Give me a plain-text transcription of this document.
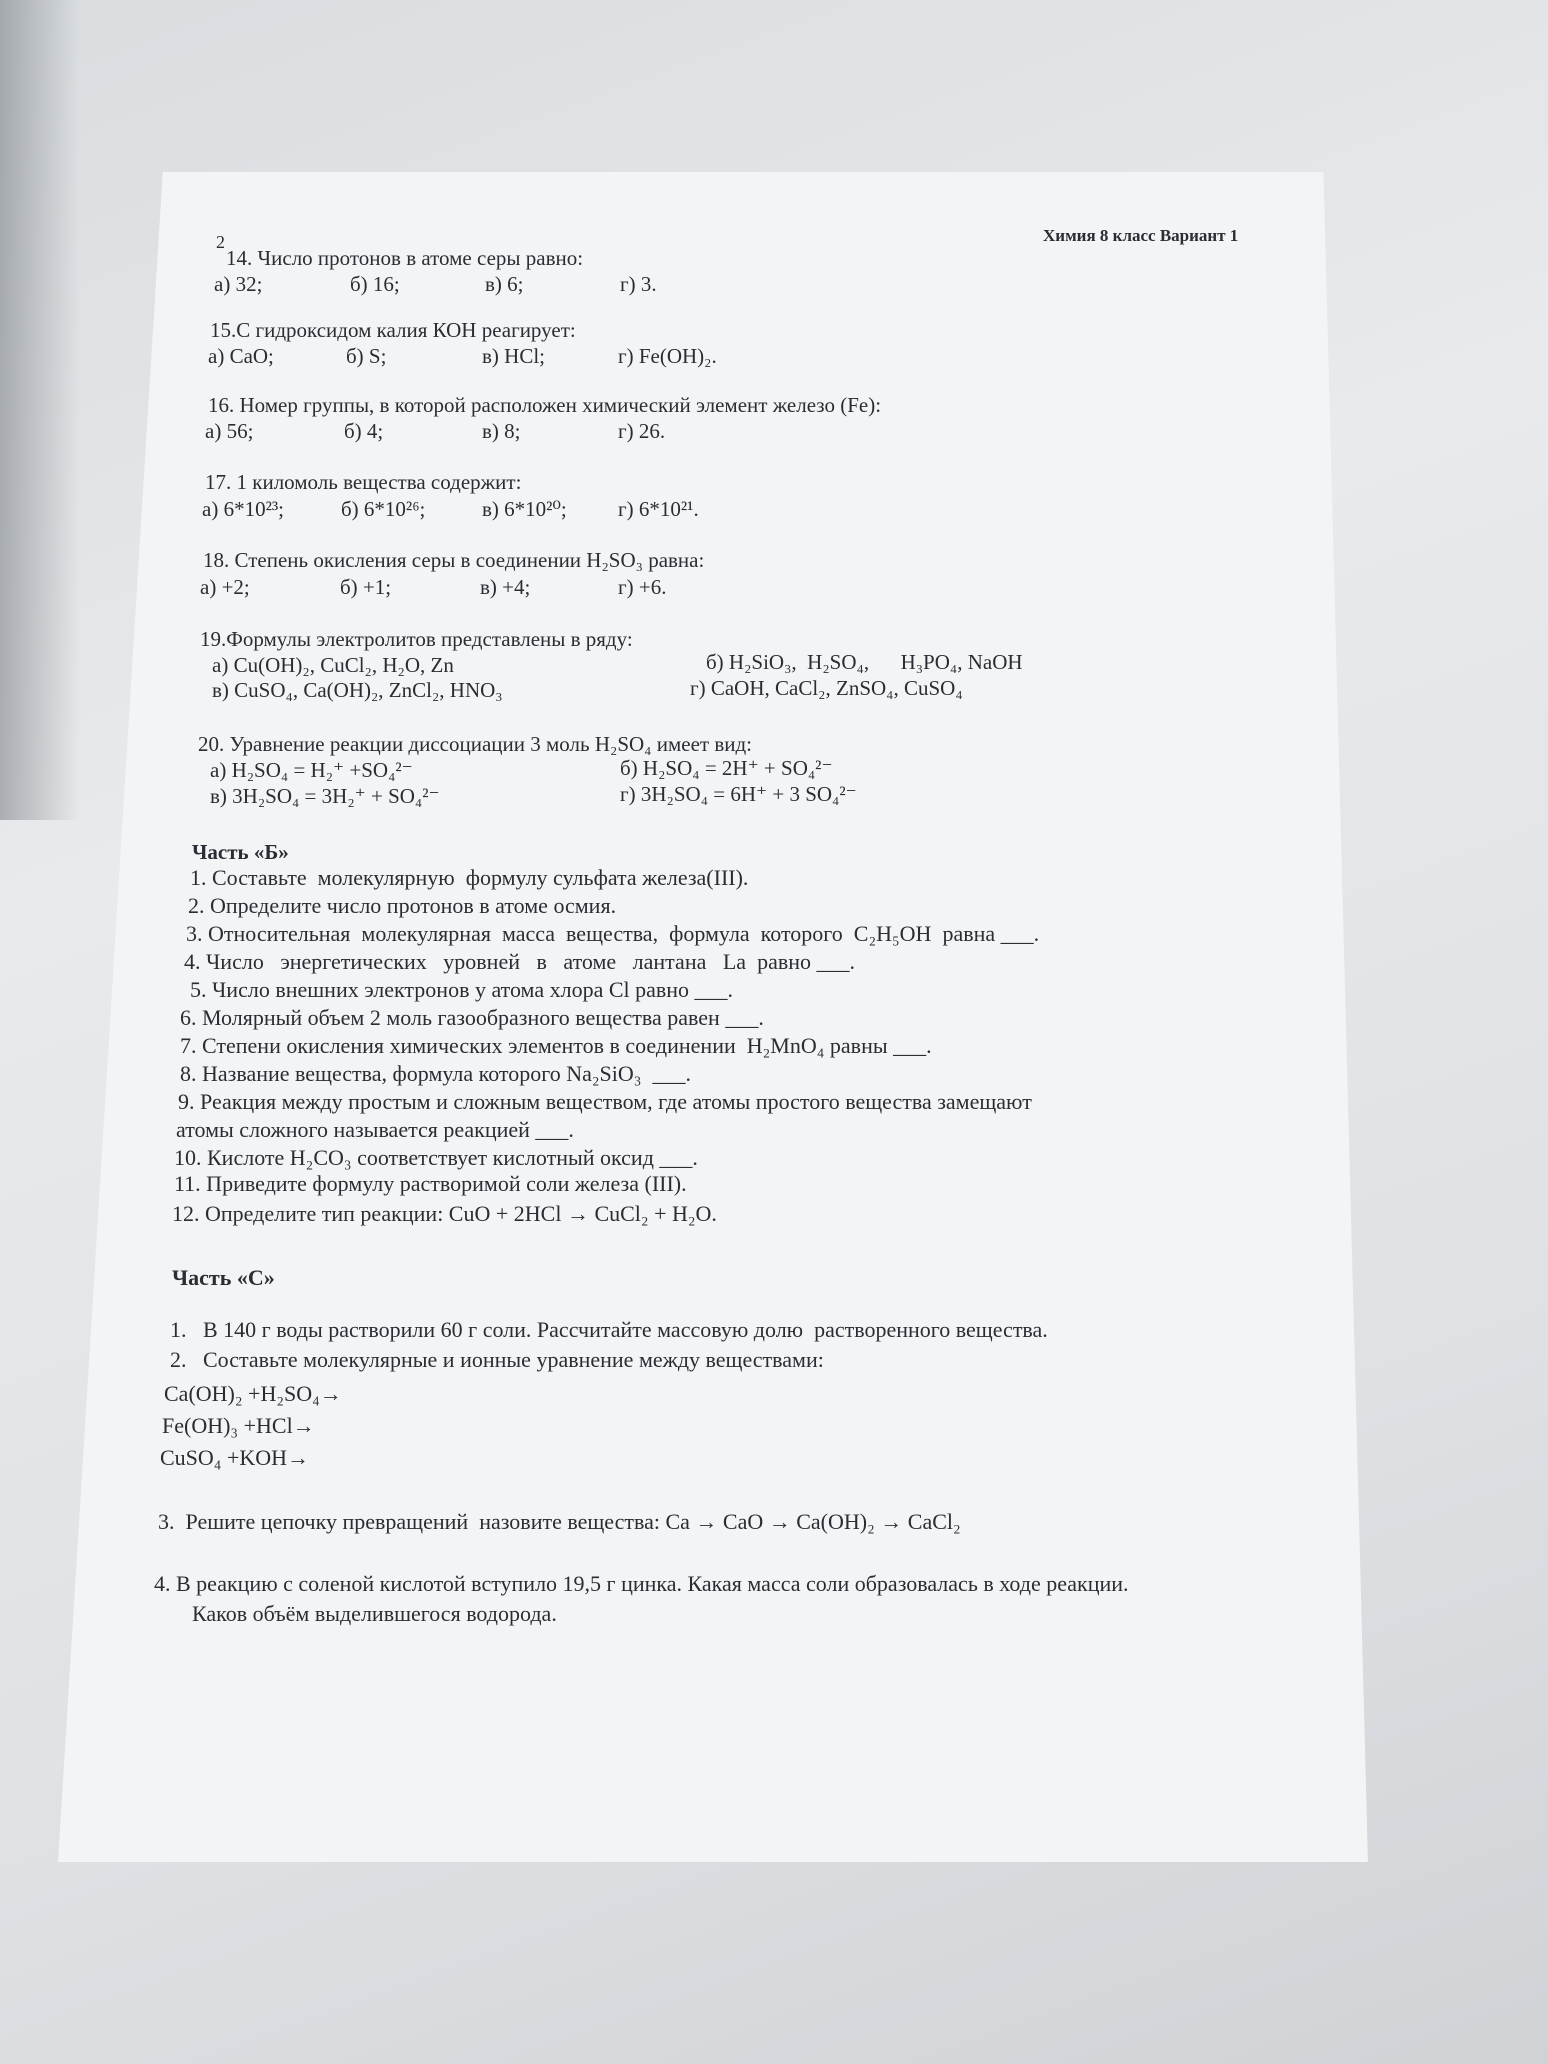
2	Химия 8 класс Вариант 1
14. Число протонов в атоме серы равно:
а) 32;	б) 16;	в) 6;	г) 3.
15.С гидроксидом калия КОН реагирует:
а) CaO;	б) S;	в) HCl;	г) Fe(OH)₂.
16. Номер группы, в которой расположен химический элемент железо (Fe):
а) 56;	б) 4;	в) 8;	г) 26.
17. 1 киломоль вещества содержит:
а) 6*10²³;	б) 6*10²⁶;	в) 6*10²⁰; г) 6*10²¹.
18. Степень окисления серы в соединении H₂SO₃ равна:
а) +2;	б) +1;	в) +4;	г) +6.
19.Формулы электролитов представлены в ряду:
а) Cu(OH)₂, CuCl₂, H₂O, Zn	б) H₂SiO₃,  H₂SO₄,      H₃PO₄, NaOH
в) CuSO₄, Ca(OH)₂, ZnCl₂, HNO₃	г) CaOH, CaCl₂, ZnSO₄, CuSO₄
20. Уравнение реакции диссоциации 3 моль H₂SO₄ имеет вид:
а) H₂SO₄ = H₂⁺ +SO₄²⁻	б) H₂SO₄ = 2H⁺ + SO₄²⁻
в) 3H₂SO₄ = 3H₂⁺ + SO₄²⁻	г) 3H₂SO₄ = 6H⁺ + 3 SO₄²⁻
Часть «Б»
1. Составьте  молекулярную  формулу сульфата железа(III).
2. Определите число протонов в атоме осмия.
3. Относительная  молекулярная  масса  вещества,  формула  которого  C₂H₅OH  равна ___.
4. Число   энергетических   уровней   в   атоме   лантана   La  равно ___.
5. Число внешних электронов у атома хлора Cl равно ___.
6. Молярный объем 2 моль газообразного вещества равен ___.
7. Степени окисления химических элементов в соединении  H₂MnO₄ равны ___.
8. Название вещества, формула которого Na₂SiO₃  ___.
9. Реакция между простым и сложным веществом, где атомы простого вещества замещают
атомы сложного называется реакцией ___.
10. Кислоте H₂CO₃ соответствует кислотный оксид ___.
11. Приведите формулу растворимой соли железа (III).
12. Определите тип реакции: CuO + 2HCl → CuCl₂ + H₂O.
Часть «С»
1.   В 140 г воды растворили 60 г соли. Рассчитайте массовую долю  растворенного вещества.
2.   Составьте молекулярные и ионные уравнение между веществами:
Ca(OH)₂ +H₂SO₄→
Fe(OH)₃ +HCl→
CuSO₄ +KOH→
3.  Решите цепочку превращений  назовите вещества: Ca → CaO → Ca(OH)₂ → CaCl₂
4. В реакцию с соленой кислотой вступило 19,5 г цинка. Какая масса соли образовалась в ходе реакции.
Каков объём выделившегося водорода.
